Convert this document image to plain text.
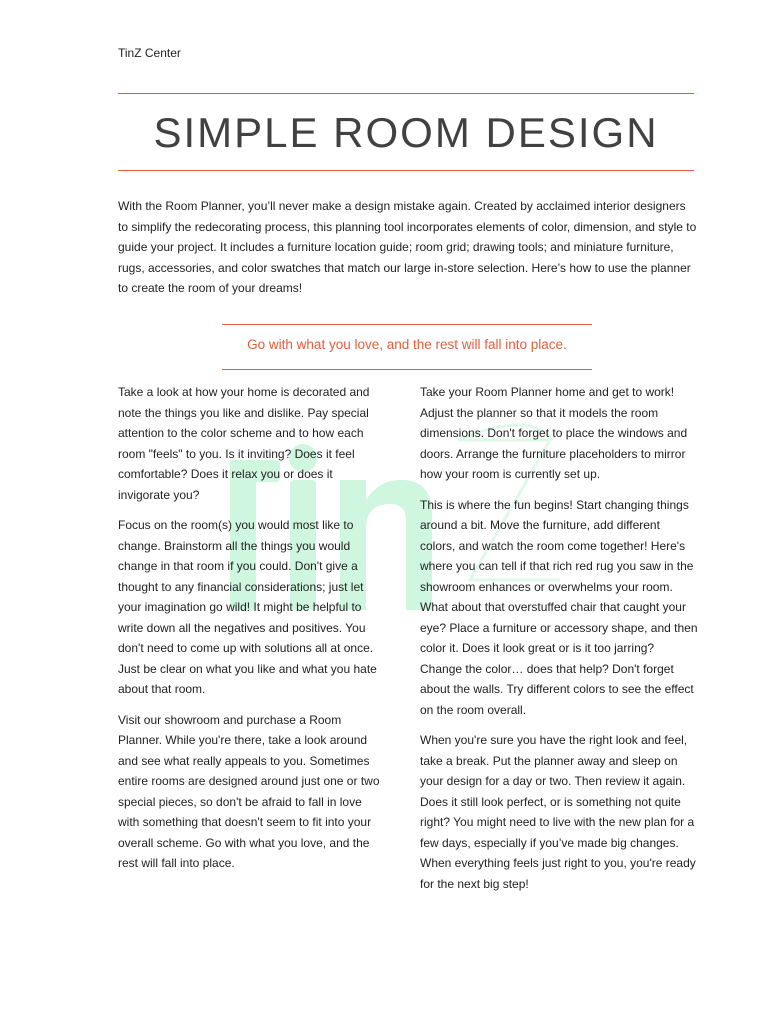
TinZ Center
SIMPLE ROOM DESIGN
With the Room Planner, you’ll never make a design mistake again. Created by acclaimed interior designers to simplify the redecorating process, this planning tool incorporates elements of color, dimension, and style to guide your project. It includes a furniture location guide; room grid; drawing tools; and miniature furniture, rugs, accessories, and color swatches that match our large in-store selection. Here’s how to use the planner to create the room of your dreams!
Go with what you love, and the rest will fall into place.

Take a look at how your home is decorated and note the things you like and dislike. Pay special attention to the color scheme and to how each room "feels" to you. Is it inviting? Does it feel comfortable? Does it relax you or does it invigorate you?

Focus on the room(s) you would most like to change. Brainstorm all the things you would change in that room if you could. Don't give a thought to any financial considerations; just let your imagination go wild! It might be helpful to write down all the negatives and positives. You don't need to come up with solutions all at once. Just be clear on what you like and what you hate about that room.

Visit our showroom and purchase a Room Planner. While you're there, take a look around and see what really appeals to you. Sometimes entire rooms are designed around just one or two special pieces, so don't be afraid to fall in love with something that doesn't seem to fit into your overall scheme. Go with what you love, and the rest will fall into place.

Take your Room Planner home and get to work! Adjust the planner so that it models the room dimensions. Don't forget to place the windows and doors. Arrange the furniture placeholders to mirror how your room is currently set up.

This is where the fun begins! Start changing things around a bit. Move the furniture, add different colors, and watch the room come together! Here's where you can tell if that rich red rug you saw in the showroom enhances or overwhelms your room. What about that overstuffed chair that caught your eye? Place a furniture or accessory shape, and then color it. Does it look great or is it too jarring? Change the color… does that help? Don't forget about the walls. Try different colors to see the effect on the room overall.

When you're sure you have the right look and feel, take a break. Put the planner away and sleep on your design for a day or two. Then review it again. Does it still look perfect, or is something not quite right? You might need to live with the new plan for a few days, especially if you’ve made big changes. When everything feels just right to you, you're ready for the next big step!
